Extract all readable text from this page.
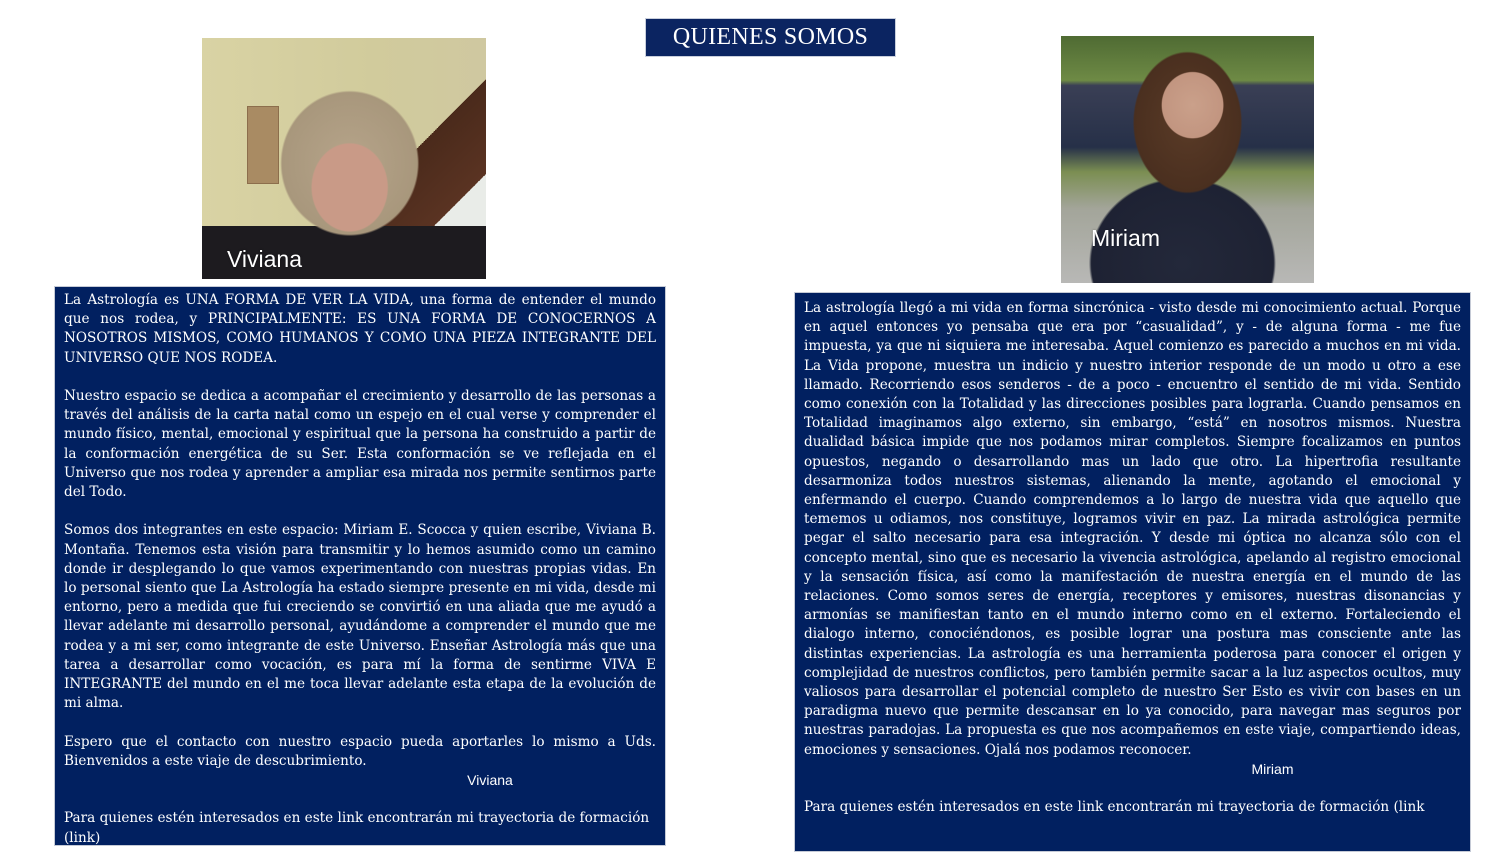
QUIENES SOMOS
Viviana
Miriam

La Astrología es UNA FORMA DE VER LA VIDA, una forma de entender el mundo que nos rodea, y PRINCIPALMENTE: ES UNA FORMA DE CONOCERNOS A NOSOTROS MISMOS, COMO HUMANOS Y COMO UNA PIEZA INTEGRANTE DEL UNIVERSO QUE NOS RODEA.

Nuestro espacio se dedica a acompañar el crecimiento y desarrollo de las personas a través del análisis de la carta natal como un espejo en el cual verse y comprender el mundo físico, mental, emocional y espiritual que la persona ha construido a partir de la conformación energética de su Ser. Esta conformación se ve reflejada en el Universo que nos rodea y aprender a ampliar esa mirada nos permite sentirnos parte del Todo.

Somos dos integrantes en este espacio: Miriam E. Scocca y quien escribe, Viviana B. Montaña. Tenemos esta visión para transmitir y lo hemos asumido como un camino donde ir desplegando lo que vamos experimentando con nuestras propias vidas. En lo personal siento que La Astrología ha estado siempre presente en mi vida, desde mi entorno, pero a medida que fui creciendo se convirtió en una aliada que me ayudó a llevar adelante mi desarrollo personal, ayudándome a comprender el mundo que me rodea y a mi ser, como integrante de este Universo. Enseñar Astrología más que una tarea a desarrollar como vocación, es para mí la forma de sentirme VIVA E INTEGRANTE del mundo en el me toca llevar adelante esta etapa de la evolución de mi alma.

Espero que el contacto con nuestro espacio pueda aportarles lo mismo a Uds. Bienvenidos a este viaje de descubrimiento.

Viviana

Para quienes estén interesados en este link encontrarán mi trayectoria de formación (link)

La astrología llegó a mi vida en forma sincrónica - visto desde mi conocimiento actual. Porque en aquel entonces yo pensaba que era por “casualidad”, y - de alguna forma - me fue impuesta, ya que ni siquiera me interesaba. Aquel comienzo es parecido a muchos en mi vida. La Vida propone, muestra un indicio y nuestro interior responde de un modo u otro a ese llamado. Recorriendo esos senderos - de a poco - encuentro el sentido de mi vida. Sentido como conexión con la Totalidad y las direcciones posibles para lograrla. Cuando pensamos en Totalidad imaginamos algo externo, sin embargo, “está” en nosotros mismos. Nuestra dualidad básica impide que nos podamos mirar completos. Siempre focalizamos en puntos opuestos, negando o desarrollando mas un lado que otro. La hipertrofia resultante desarmoniza todos nuestros sistemas, alienando la mente, agotando el emocional y enfermando el cuerpo. Cuando comprendemos a lo largo de nuestra vida que aquello que tememos u odiamos, nos constituye, logramos vivir en paz. La mirada astrológica permite pegar el salto necesario para esa integración. Y desde mi óptica no alcanza sólo con el concepto mental, sino que es necesario la vivencia astrológica, apelando al registro emocional y la sensación física, así como la manifestación de nuestra energía en el mundo de las relaciones. Como somos seres de energía, receptores y emisores, nuestras disonancias y armonías se manifiestan tanto en el mundo interno como en el externo. Fortaleciendo el dialogo interno, conociéndonos, es posible lograr una postura mas consciente ante las distintas experiencias. La astrología es una herramienta poderosa para conocer el origen y complejidad de nuestros conflictos, pero también permite sacar a la luz aspectos ocultos, muy valiosos para desarrollar el potencial completo de nuestro Ser Esto es vivir con bases en un paradigma nuevo que permite descansar en lo ya conocido, para navegar mas seguros por nuestras paradojas. La propuesta es que nos acompañemos en este viaje, compartiendo ideas, emociones y sensaciones. Ojalá nos podamos reconocer.

Miriam

Para quienes estén interesados en este link encontrarán mi trayectoria de formación (link
